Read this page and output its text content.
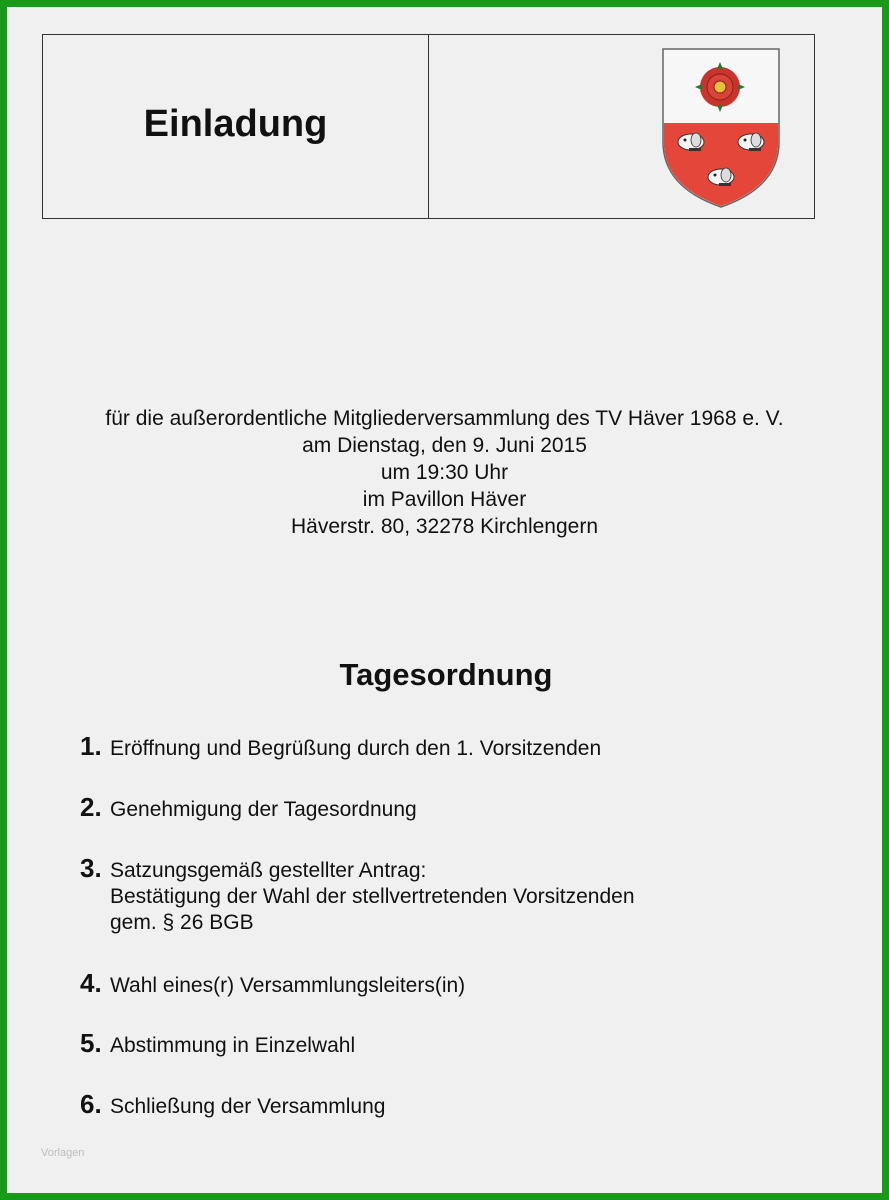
Einladung
für die außerordentliche Mitgliederversammlung des TV Häver 1968 e. V.
am Dienstag, den 9. Juni 2015
um 19:30 Uhr
im Pavillon Häver
Häverstr. 80, 32278 Kirchlengern
Tagesordnung
1. Eröffnung und Begrüßung durch den 1. Vorsitzenden
2. Genehmigung der Tagesordnung
3. Satzungsgemäß gestellter Antrag:
Bestätigung der Wahl der stellvertretenden Vorsitzenden
gem. § 26 BGB
4. Wahl eines(r) Versammlungsleiters(in)
5. Abstimmung in Einzelwahl
6. Schließung der Versammlung
Vorlagen
